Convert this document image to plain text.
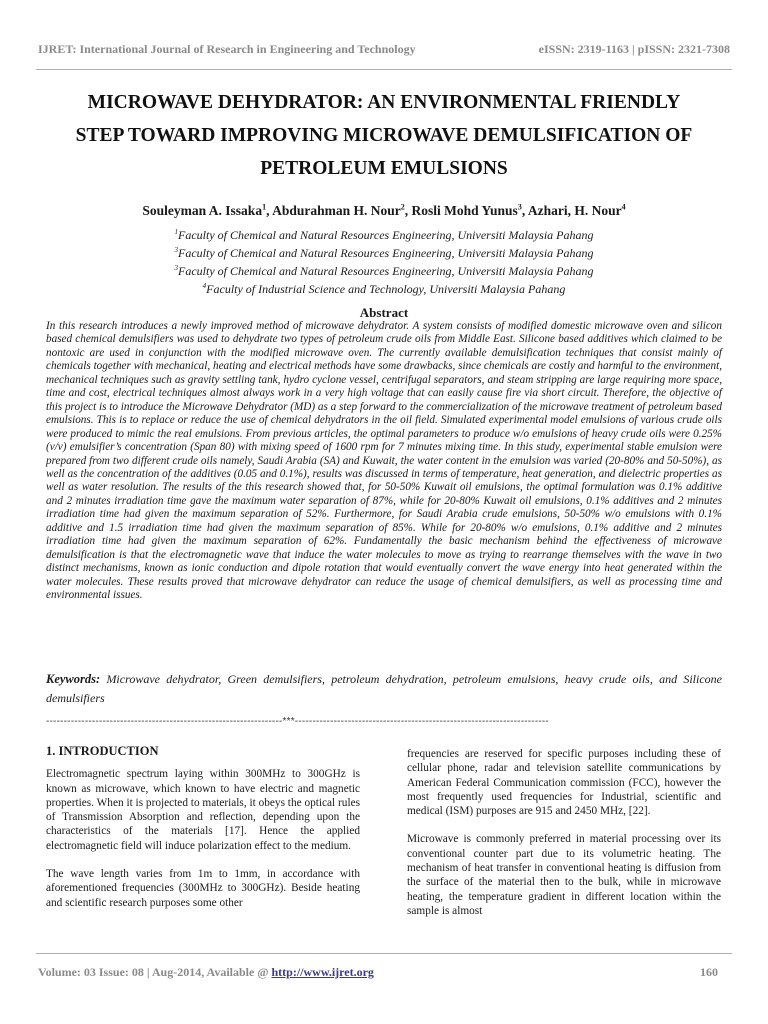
IJRET: International Journal of Research in Engineering and Technology	eISSN: 2319-1163 | pISSN: 2321-7308
MICROWAVE DEHYDRATOR: AN ENVIRONMENTAL FRIENDLY
STEP TOWARD IMPROVING MICROWAVE DEMULSIFICATION OF
PETROLEUM EMULSIONS
Souleyman A. Issaka$^1$, Abdurahman H. Nour$^2$, Rosli Mohd Yunus$^3$, Azhari, H. Nour$^4$
$^1$Faculty of Chemical and Natural Resources Engineering, Universiti Malaysia Pahang
$^3$Faculty of Chemical and Natural Resources Engineering, Universiti Malaysia Pahang
$^3$Faculty of Chemical and Natural Resources Engineering, Universiti Malaysia Pahang
$^4$Faculty of Industrial Science and Technology, Universiti Malaysia Pahang
Abstract
In this research introduces a newly improved method of microwave dehydrator. A system consists of modified domestic microwave oven and silicon based chemical demulsifiers was used to dehydrate two types of petroleum crude oils from Middle East. Silicone based additives which claimed to be nontoxic are used in conjunction with the modified microwave oven. The currently available demulsification techniques that consist mainly of chemicals together with mechanical, heating and electrical methods have some drawbacks, since chemicals are costly and harmful to the environment, mechanical techniques such as gravity settling tank, hydro cyclone vessel, centrifugal separators, and steam stripping are large requiring more space, time and cost, electrical techniques almost always work in a very high voltage that can easily cause fire via short circuit. Therefore, the objective of this project is to introduce the Microwave Dehydrator (MD) as a step forward to the commercialization of the microwave treatment of petroleum based emulsions. This is to replace or reduce the use of chemical dehydrators in the oil field. Simulated experimental model emulsions of various crude oils were produced to mimic the real emulsions. From previous articles, the optimal parameters to produce w/o emulsions of heavy crude oils were 0.25% (v/v) emulsifier’s concentration (Span 80) with mixing speed of 1600 rpm for 7 minutes mixing time. In this study, experimental stable emulsion were prepared from two different crude oils namely, Saudi Arabia (SA) and Kuwait, the water content in the emulsion was varied (20-80% and 50-50%), as well as the concentration of the additives (0.05 and 0.1%), results was discussed in terms of temperature, heat generation, and dielectric properties as well as water resolution. The results of the this research showed that, for 50-50% Kuwait oil emulsions, the optimal formulation was 0.1% additive and 2 minutes irradiation time gave the maximum water separation of 87%, while for 20-80% Kuwait oil emulsions, 0.1% additives and 2 minutes irradiation time had given the maximum separation of 52%. Furthermore, for Saudi Arabia crude emulsions, 50-50% w/o emulsions with 0.1% additive and 1.5 irradiation time had given the maximum separation of 85%. While for 20-80% w/o emulsions, 0.1% additive and 2 minutes irradiation time had given the maximum separation of 62%. Fundamentally the basic mechanism behind the effectiveness of microwave demulsification is that the electromagnetic wave that induce the water molecules to move as trying to rearrange themselves with the wave in two distinct mechanisms, known as ionic conduction and dipole rotation that would eventually convert the wave energy into heat generated within the water molecules. These results proved that microwave dehydrator can reduce the usage of chemical demulsifiers, as well as processing time and environmental issues.
Keywords: Microwave dehydrator, Green demulsifiers, petroleum dehydration, petroleum emulsions, heavy crude oils, and Silicone demulsifiers
-------------------------------------------------------------------***------------------------------------------------------------------------
1. INTRODUCTION

Electromagnetic spectrum laying within 300MHz to 300GHz is known as microwave, which known to have electric and magnetic properties. When it is projected to materials, it obeys the optical rules of Transmission Absorption and reflection, depending upon the characteristics of the materials [17]. Hence the applied electromagnetic field will induce polarization effect to the medium.

The wave length varies from 1m to 1mm, in accordance with aforementioned frequencies (300MHz to 300GHz). Beside heating and scientific research purposes some other

frequencies are reserved for specific purposes including these of cellular phone, radar and television satellite communications by American Federal Communication commission (FCC), however the most frequently used frequencies for Industrial, scientific and medical (ISM) purposes are 915 and 2450 MHz, [22].

Microwave is commonly preferred in material processing over its conventional counter part due to its volumetric heating. The mechanism of heat transfer in conventional heating is diffusion from the surface of the material then to the bulk, while in microwave heating, the temperature gradient in different location within the sample is almost

Volume: 03 Issue: 08 | Aug-2014, Available @ http://www.ijret.org	160
